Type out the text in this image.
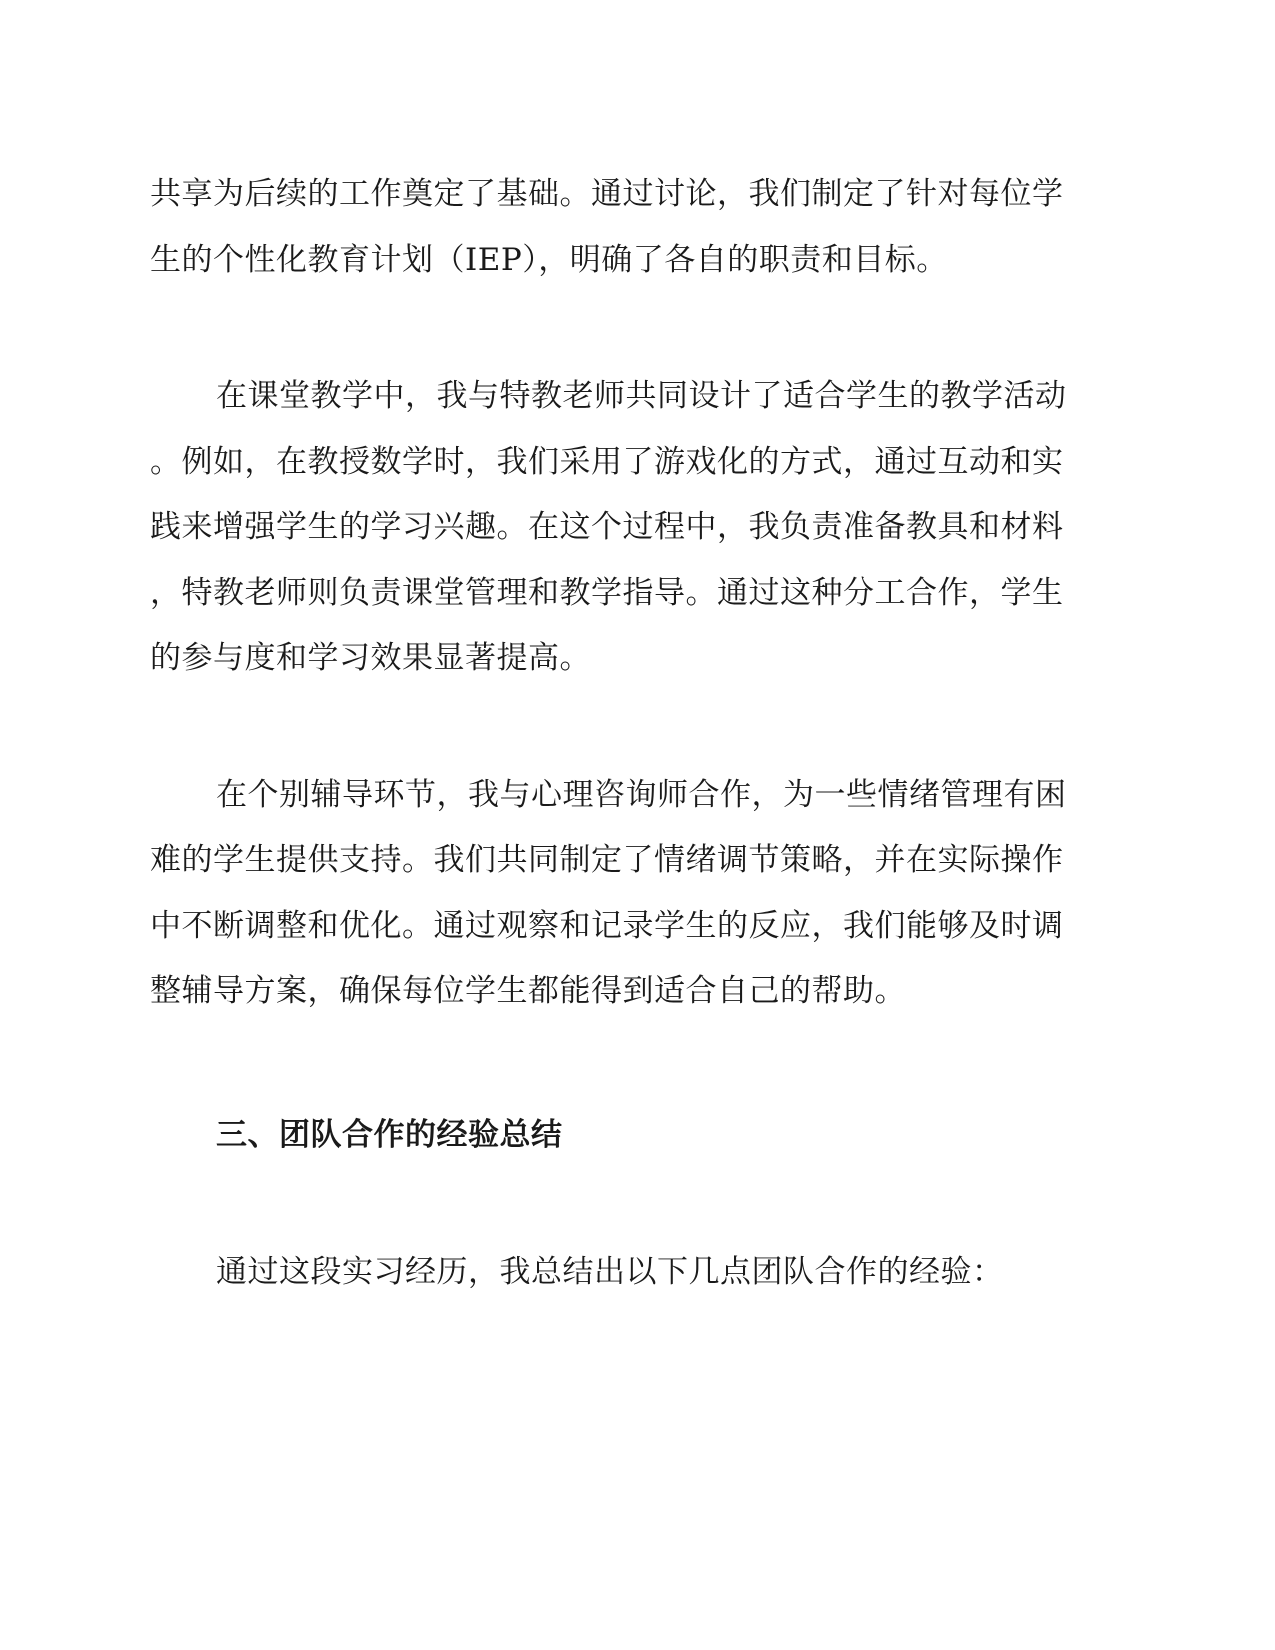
共享为后续的工作奠定了基础。通过讨论，我们制定了针对每位学
生的个性化教育计划（IEP），明确了各自的职责和目标。

在课堂教学中，我与特教老师共同设计了适合学生的教学活动
。例如，在教授数学时，我们采用了游戏化的方式，通过互动和实
践来增强学生的学习兴趣。在这个过程中，我负责准备教具和材料
，特教老师则负责课堂管理和教学指导。通过这种分工合作，学生
的参与度和学习效果显著提高。

在个别辅导环节，我与心理咨询师合作，为一些情绪管理有困
难的学生提供支持。我们共同制定了情绪调节策略，并在实际操作
中不断调整和优化。通过观察和记录学生的反应，我们能够及时调
整辅导方案，确保每位学生都能得到适合自己的帮助。

三、团队合作的经验总结

通过这段实习经历，我总结出以下几点团队合作的经验：
